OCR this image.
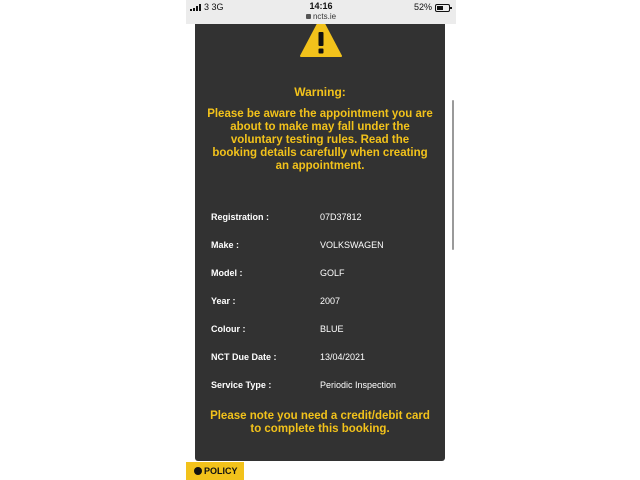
3 3G	14:16
ncts.ie
52%
Warning:
Please be aware the appointment you are about to make may fall under the voluntary testing rules. Read the booking details carefully when creating an appointment.
Registration :	07D37812
Make :	VOLKSWAGEN
Model :	GOLF
Year :	2007
Colour :	BLUE
NCT Due Date :	13/04/2021
Service Type :	Periodic Inspection
Please note you need a credit/debit card to complete this booking.
POLICY
